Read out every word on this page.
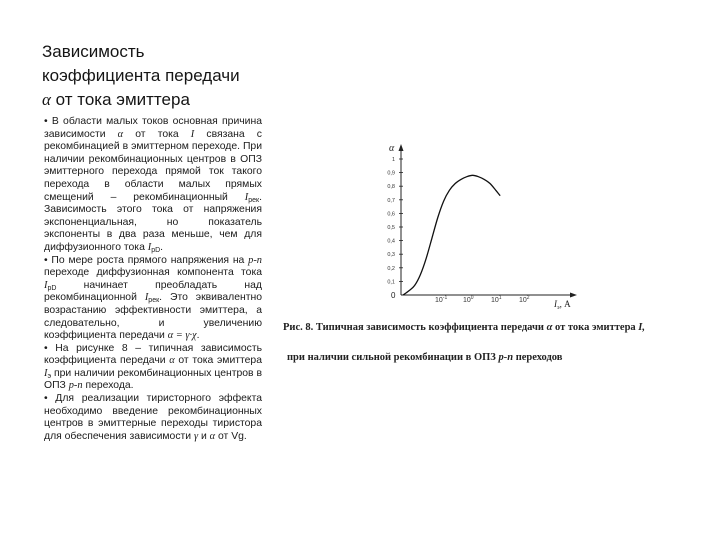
Зависимость
коэффициента передачи
α от тока эмиттера

• В области малых токов основная причина зависимости α от тока I связана с рекомбинацией в эмиттерном переходе. При наличии рекомбинационных центров в ОПЗ эмиттерного перехода прямой ток такого перехода в области малых прямых смещений – рекомбинационный $I_{рек}$. Зависимость этого тока от напряжения экспоненциальная, но показатель экспоненты в два раза меньше, чем для диффузионного тока $I_{pD}$.

• По мере роста прямого напряжения на p-n переходе диффузионная компонента тока $I_{pD}$ начинает преобладать над рекомбинационной $I_{рек}$. Это эквивалентно возрастанию эффективности эмиттера, а следовательно, и увеличению коэффициента передачи α = γ·χ.

• На рисунке 8 – типичная зависимость коэффициента передачи α от тока эмиттера $I_э$ при наличии рекомбинационных центров в ОПЗ p-n перехода.

• Для реализации тиристорного эффекта необходимо введение рекомбинационных центров в эмиттерные переходы тиристора для обеспечения зависимости γ и α от Vg.

α
0
0,1
0,2
0,3
0,4
0,5
0,6
0,7
0,8
0,9
1
$10^{-1}$ $10^0$ $10^1$ $10^2$
$I_э$, А
Рис. 8. Типичная зависимость коэффициента передачи α от тока эмиттера I,
при наличии сильной рекомбинации в ОПЗ p-n переходов
